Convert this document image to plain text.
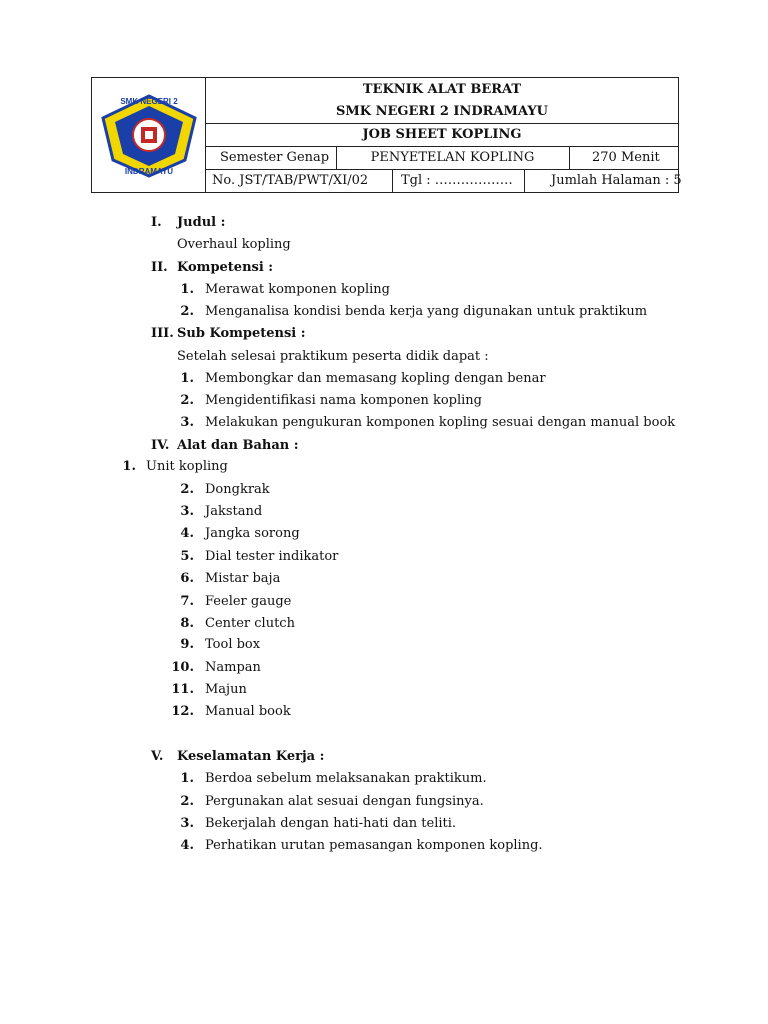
SMK NEGERI 2
INDRAMAYU
TEKNIK ALAT BERAT
SMK NEGERI 2 INDRAMAYU
JOB SHEET KOPLING
Semester Genap	PENYETELAN KOPLING	270 Menit
No. JST/TAB/PWT/XI/02	Tgl : ………………	Jumlah Halaman : 5
I. Judul :
Overhaul kopling
II. Kompetensi :
1. Merawat komponen kopling
2. Menganalisa kondisi benda kerja yang digunakan untuk praktikum
III. Sub Kompetensi :
Setelah selesai praktikum peserta didik dapat :
1. Membongkar dan memasang kopling dengan benar
2. Mengidentifikasi nama komponen kopling
3. Melakukan pengukuran komponen kopling sesuai dengan manual book
IV. Alat dan Bahan :
1. Unit kopling
2. Dongkrak
3. Jakstand
4. Jangka sorong
5. Dial tester indikator
6. Mistar baja
7. Feeler gauge
8. Center clutch
9. Tool box
10. Nampan
11. Majun
12. Manual book
V. Keselamatan Kerja :
1. Berdoa sebelum melaksanakan praktikum.
2. Pergunakan alat sesuai dengan fungsinya.
3. Bekerjalah dengan hati-hati dan teliti.
4. Perhatikan urutan pemasangan komponen kopling.
